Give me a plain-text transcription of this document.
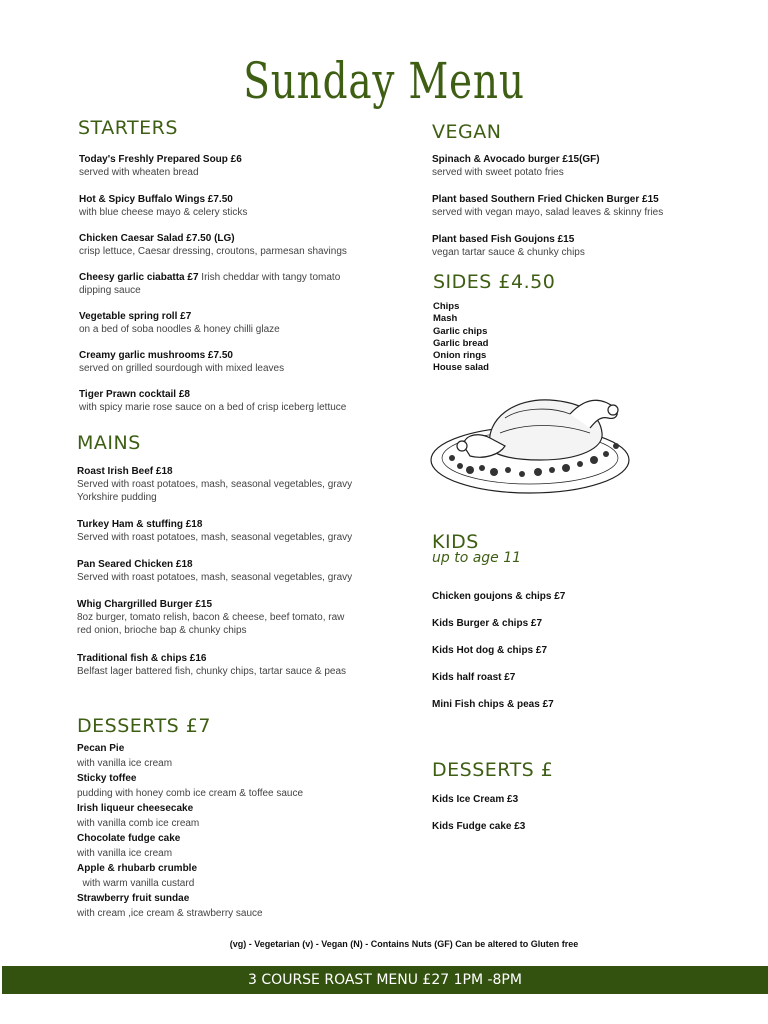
Sunday Menu
STARTERS
Today's Freshly Prepared Soup £6
served with wheaten bread
Hot & Spicy Buffalo Wings £7.50
with blue cheese mayo & celery sticks
Chicken Caesar Salad £7.50 (LG)
crisp lettuce, Caesar dressing, croutons, parmesan shavings
Cheesy garlic ciabatta £7 Irish cheddar with tangy tomato dipping sauce
Vegetable spring roll £7
on a bed of soba noodles & honey chilli glaze
Creamy garlic mushrooms £7.50
served on grilled sourdough with mixed leaves
Tiger Prawn cocktail £8
with spicy marie rose sauce on a bed of crisp iceberg lettuce
MAINS
Roast Irish Beef £18
Served with roast potatoes, mash, seasonal vegetables, gravy Yorkshire pudding
Turkey Ham & stuffing £18
Served with roast potatoes, mash, seasonal vegetables, gravy
Pan Seared Chicken £18
Served with roast potatoes, mash, seasonal vegetables, gravy
Whig Chargrilled Burger £15
8oz burger, tomato relish, bacon & cheese, beef tomato, raw red onion, brioche bap & chunky chips
Traditional fish & chips £16
Belfast lager battered fish, chunky chips, tartar sauce & peas
DESSERTS £7
Pecan Pie
with vanilla ice cream
Sticky toffee
pudding with honey comb ice cream & toffee sauce
Irish liqueur cheesecake
with vanilla comb ice cream
Chocolate fudge cake
with vanilla ice cream
Apple & rhubarb crumble
with warm vanilla custard
Strawberry fruit sundae
with cream ,ice cream & strawberry sauce
VEGAN
Spinach & Avocado burger £15(GF)
served with sweet potato fries
Plant based Southern Fried Chicken Burger £15
served with vegan mayo, salad leaves & skinny fries
Plant based Fish Goujons £15
vegan tartar sauce & chunky chips
SIDES £4.50
Chips
Mash
Garlic chips
Garlic bread
Onion rings
House salad
KIDS
up to age 11
Chicken goujons & chips £7
Kids Burger & chips £7
Kids Hot dog & chips £7
Kids half roast £7
Mini Fish chips & peas £7
DESSERTS £
Kids Ice Cream £3
Kids Fudge cake £3
(vg) - Vegetarian (v) - Vegan (N) - Contains Nuts (GF) Can be altered to Gluten free
3 COURSE ROAST MENU £27 1PM -8PM
